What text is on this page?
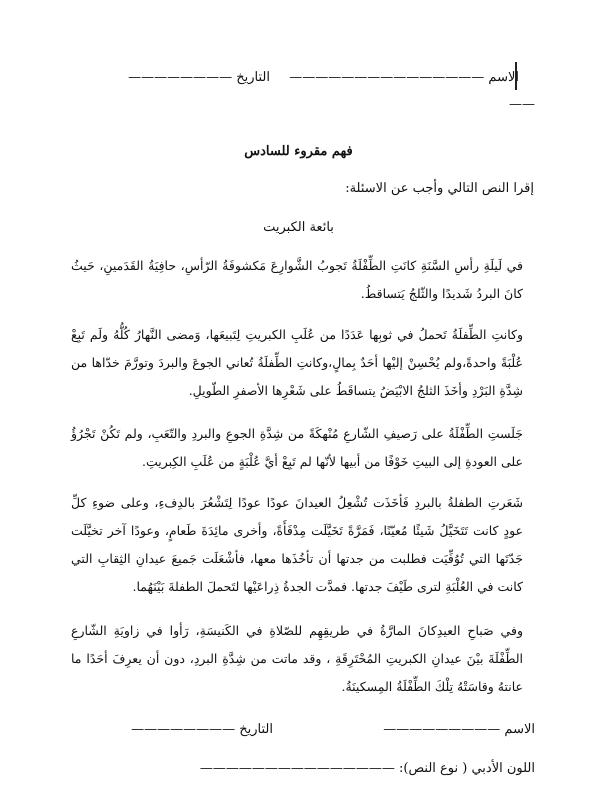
الاسم ———————————————
التاريخ ————————
——
فهم مقروء للسادس
إقرا النص التالي وأجب عن الاسئلة:
بائعة الكبريت
في لَيلَةِ رأسِ السَّنَةِ كانَتِ الطِّفْلَةُ تَجوبُ الشَّوارِعَ مَكشوفَةُ الرّأسِ، حافِيَةُ القَدَمينِ، حَيثُ كانَ البردُ شَديدًا والثّلجُ يَتساقطُ.
وكانتِ الطِّفلَةُ تَحملُ في ثوبِها عَدَدًا من عُلَبِ الكبريتِ لِتَبيعَها، وَمضى النَّهارُ كُلُّهُ ولَم تَبِعْ عُلْبَةً واحدةً،ولم يُحْسِنْ إليْها أحَدٌ بِمالٍ،وكانتِ الطِّفلَةُ تُعاني الجوعَ والبردَ وتورَّمَ خدّاها من شِدَّةِ البَرْدِ وأخَذَ الثلجُ الابْيَضُ يتساقَطُ على شَعْرِها الأصفرِ الطّويلِ.
جَلَستِ الطِّفْلَةُ على رَصيفِ الشّارعِ مُنْهكَةً من شِدَّةِ الجوعِ والبردِ والتّعَبِ، ولم تَكُنْ تَجْرُؤُ على العودةِ إلى البيتِ خَوْفًا من أبيها لأنّها لم تَبِعْ أيَّ عُلْبَةٍ من عُلَبِ الكِبريتِ.
شَعَرتِ الطفلةُ بالبردِ فَأخَذَت تُشْعِلُ العيدانَ عودًا عودًا لِتَشْعُرَ بالدِفءِ، وعلى ضوءِ كلِّ عودٍ كانت تَتَخَيَّلُ شَيئًا مُعيّنًا، فَمَرَّةً تَخَيَّلَت مِدْفَأَةً، وأخرى مائِدَةَ طَعامٍ، وعودًا آخر تخيَّلَت جَدّتَها التي تُوُفِّيَت فطلبت من جدتها أن تأخُذَها معها، فأشْعَلَت جَميعَ عيدانِ الثِقابِ التي كانت في العُلْبَةِ لترى طَيْفَ جدتها. فمدَّت الجدةُ ذِراعَيْها لتَحملَ الطفلةَ بَيْنَهُما.
وفي صَباحِ العيدِكانَ المارَّةُ في طريقِهِم للصّلاةِ في الكَنيسَةِ، رَأوا في زاويَةِ الشّارعِ الطِّفْلَةَ بيْنَ عيدانِ الكبريتِ المُحْتَرِقَةِ ، وقد ماتت من شِدَّةِ البردِ، دون أن يعرِفَ أحَدًا ما عانتهُ وقاسَتْهُ تِلْكَ الطِّفْلَةُ المِسكينَةُ.
الاسم —————————
التاريخ ————————
اللون الأدبي ( نوع النص): ———————————————
